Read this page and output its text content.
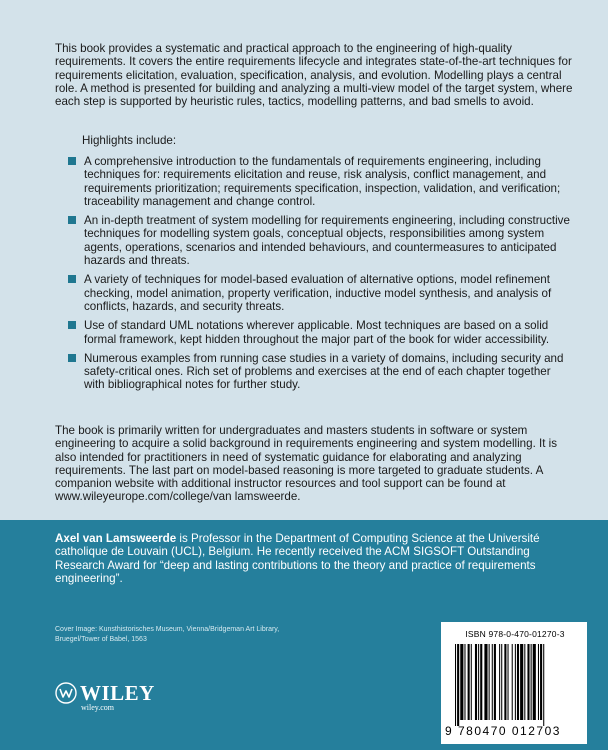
This book provides a systematic and practical approach to the engineering of high-quality requirements. It covers the entire requirements lifecycle and integrates state-of-the-art techniques for requirements elicitation, evaluation, specification, analysis, and evolution. Modelling plays a central role. A method is presented for building and analyzing a multi-view model of the target system, where each step is supported by heuristic rules, tactics, modelling patterns, and bad smells to avoid.

Highlights include:

A comprehensive introduction to the fundamentals of requirements engineering, including techniques for: requirements elicitation and reuse, risk analysis, conflict management, and requirements prioritization; requirements specification, inspection, validation, and verification; traceability management and change control.
An in-depth treatment of system modelling for requirements engineering, including constructive techniques for modelling system goals, conceptual objects, responsibilities among system agents, operations, scenarios and intended behaviours, and countermeasures to anticipated hazards and threats.
A variety of techniques for model-based evaluation of alternative options, model refinement checking, model animation, property verification, inductive model synthesis, and analysis of conflicts, hazards, and security threats.
Use of standard UML notations wherever applicable. Most techniques are based on a solid formal framework, kept hidden throughout the major part of the book for wider accessibility.
Numerous examples from running case studies in a variety of domains, including security and safety-critical ones. Rich set of problems and exercises at the end of each chapter together with bibliographical notes for further study.

The book is primarily written for undergraduates and masters students in software or system engineering to acquire a solid background in requirements engineering and system modelling. It is also intended for practitioners in need of systematic guidance for elaborating and analyzing requirements. The last part on model-based reasoning is more targeted to graduate students. A companion website with additional instructor resources and tool support can be found at www.wileyeurope.com/college/van lamsweerde.

Axel van Lamsweerde is Professor in the Department of Computing Science at the Université catholique de Louvain (UCL), Belgium. He recently received the ACM SIGSOFT Outstanding Research Award for “deep and lasting contributions to the theory and practice of requirements engineering”.

Cover Image: Kunsthistorisches Museum, Vienna/Bridgeman Art Library,
Bruegel/Tower of Babel, 1563

WILEY
wiley.com
ISBN 978-0-470-01270-3
9 780470 012703
